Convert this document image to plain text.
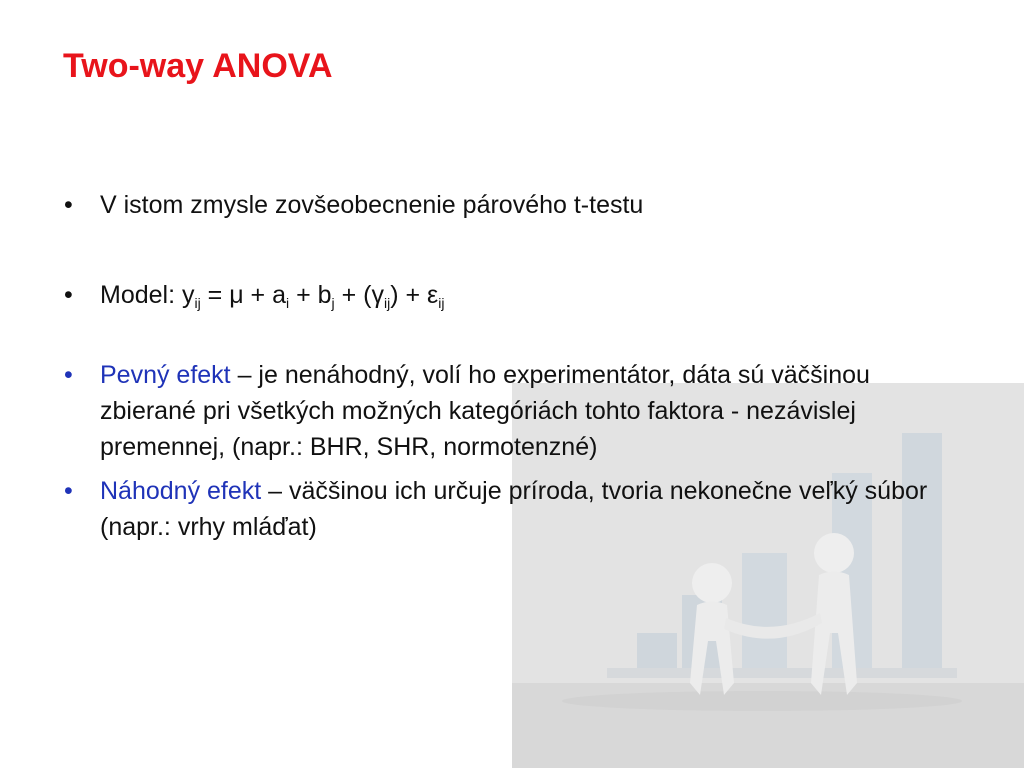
Two-way ANOVA
• V istom zmysle zovšeobecnenie párového t-testu
• Model: $y_{ij} = \mu + a_i + b_j + (\gamma_{ij}) + \varepsilon_{ij}$
• Pevný efekt – je nenáhodný, volí ho experimentátor, dáta sú väčšinou zbierané pri všetkých možných kategóriách tohto faktora - nezávislej premennej, (napr.: BHR, SHR, normotenzné)
• Náhodný efekt – väčšinou ich určuje príroda, tvoria nekonečne veľký súbor (napr.: vrhy mláďat)
